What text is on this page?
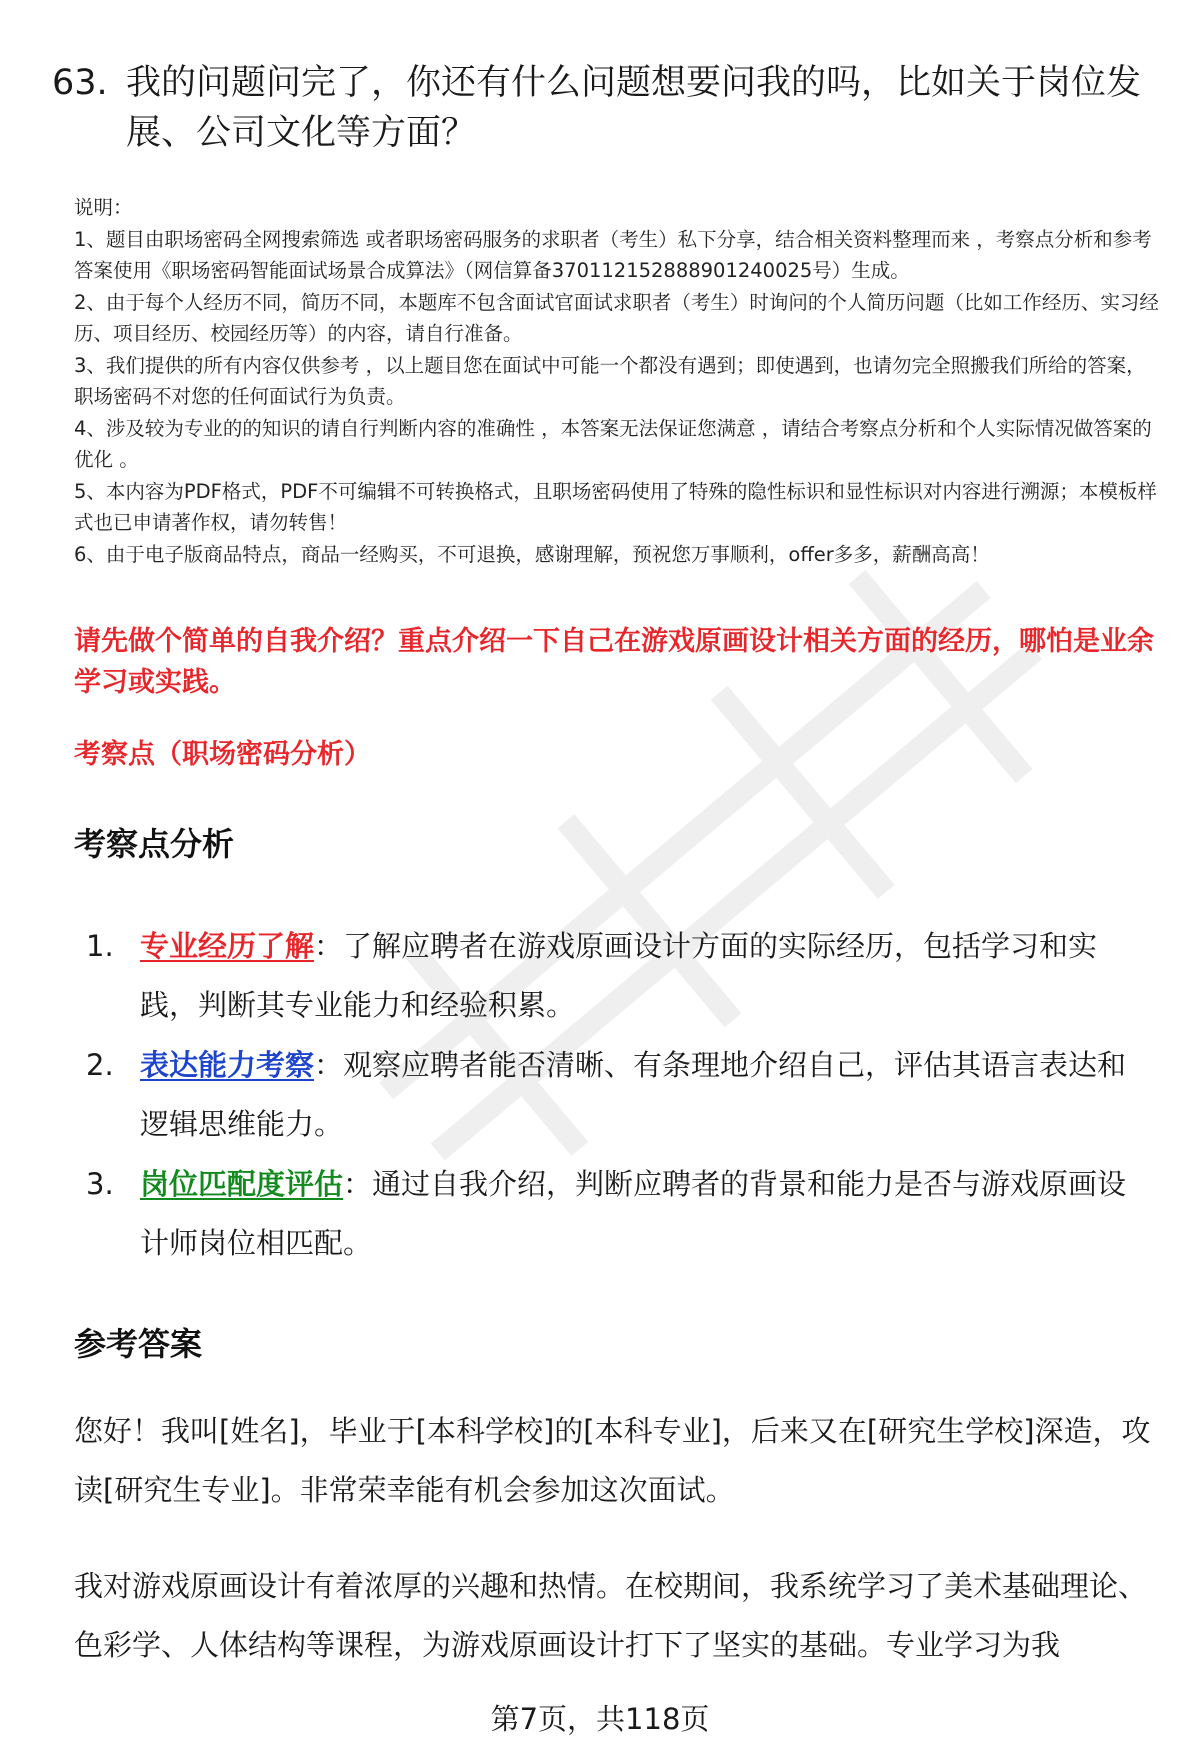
63. 我的问题问完了，你还有什么问题想要问我的吗，比如关于岗位发展、公司文化等方面？

说明：

1、题目由职场密码全网搜索筛选 或者职场密码服务的求职者（考生）私下分享，结合相关资料整理而来 ，考察点分析和参考答案使用《职场密码智能面试场景合成算法》（网信算备370112152888901240025号）生成。

2、由于每个人经历不同，简历不同，本题库不包含面试官面试求职者（考生）时询问的个人简历问题（比如工作经历、实习经历、项目经历、校园经历等）的内容，请自行准备。

3、我们提供的所有内容仅供参考 ，以上题目您在面试中可能一个都没有遇到；即使遇到，也请勿完全照搬我们所给的答案，职场密码不对您的任何面试行为负责。

4、涉及较为专业的的知识的请自行判断内容的准确性 ，本答案无法保证您满意 ，请结合考察点分析和个人实际情况做答案的优化 。

5、本内容为PDF格式，PDF不可编辑不可转换格式，且职场密码使用了特殊的隐性标识和显性标识对内容进行溯源；本模板样式也已申请著作权，请勿转售！

6、由于电子版商品特点，商品一经购买，不可退换，感谢理解，预祝您万事顺利，offer多多，薪酬高高！

请先做个简单的自我介绍？重点介绍一下自己在游戏原画设计相关方面的经历，哪怕是业余学习或实践。
考察点（职场密码分析）
考察点分析
1. 专业经历了解：了解应聘者在游戏原画设计方面的实际经历，包括学习和实践，判断其专业能力和经验积累。
2. 表达能力考察：观察应聘者能否清晰、有条理地介绍自己，评估其语言表达和逻辑思维能力。
3. 岗位匹配度评估：通过自我介绍，判断应聘者的背景和能力是否与游戏原画设计师岗位相匹配。
参考答案

您好！我叫[姓名]，毕业于[本科学校]的[本科专业]，后来又在[研究生学校]深造，攻读[研究生专业]。非常荣幸能有机会参加这次面试。

我对游戏原画设计有着浓厚的兴趣和热情。在校期间，我系统学习了美术基础理论、色彩学、人体结构等课程，为游戏原画设计打下了坚实的基础。专业学习为我

第7页，共118页
